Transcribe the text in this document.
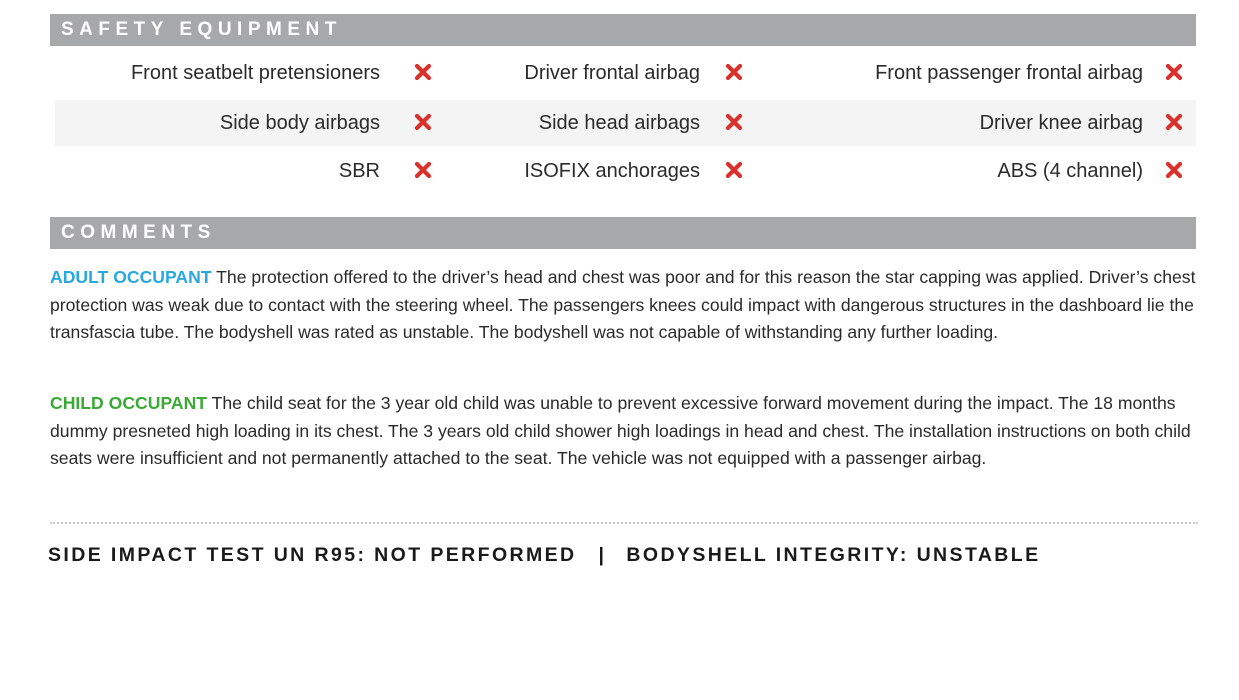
SAFETY EQUIPMENT
Front seatbelt pretensioners	Driver frontal airbag	Front passenger frontal airbag
Side body airbags	Side head airbags	Driver knee airbag
SBR	ISOFIX anchorages	ABS (4 channel)
COMMENTS

ADULT OCCUPANT The protection offered to the driver’s head and chest was poor and for this reason the star capping was applied. Driver’s chest protection was weak due to contact with the steering wheel. The passengers knees could impact with dangerous structures in the dashboard lie the transfascia tube. The bodyshell was rated as unstable. The bodyshell was not capable of withstanding any further loading.

CHILD OCCUPANT The child seat for the 3 year old child was unable to prevent excessive forward movement during the impact. The 18 months dummy presneted high loading in its chest. The 3 years old child shower high loadings in head and chest. The installation instructions on both child seats were insufficient and not permanently attached to the seat. The vehicle was not equipped with a passenger airbag.

SIDE IMPACT TEST UN R95: NOT PERFORMED | BODYSHELL INTEGRITY: UNSTABLE
